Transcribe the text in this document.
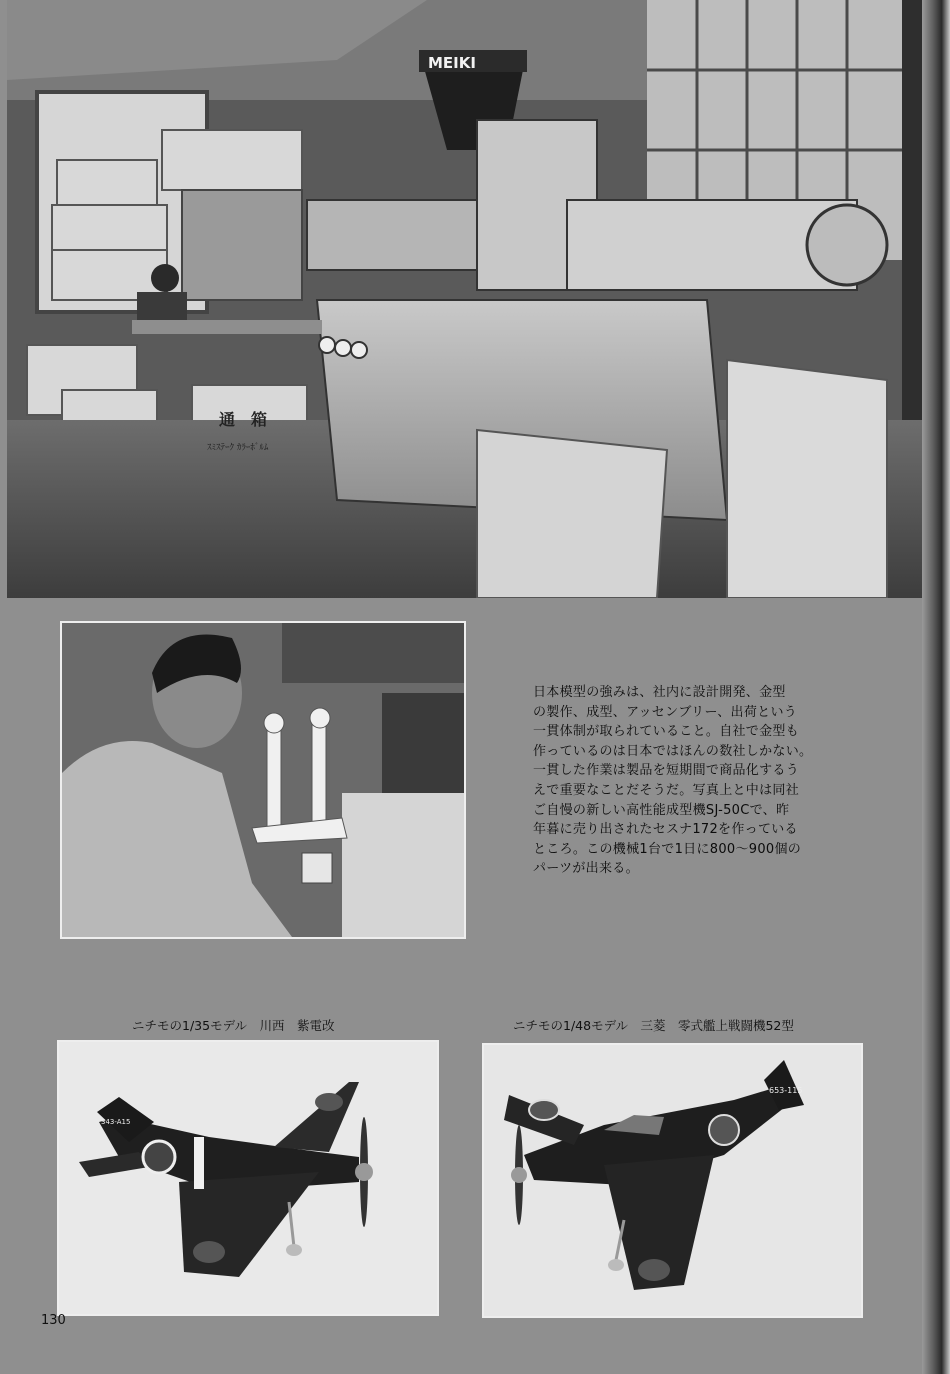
MEIKI
通　箱
ｽﾐｽﾃｰｸ ｶﾗｰﾎﾞﾙﾑ

日本模型の強みは、社内に設計開発、金型
の製作、成型、アッセンブリー、出荷という
一貫体制が取られていること。自社で金型も
作っているのは日本ではほんの数社しかない。
一貫した作業は製品を短期間で商品化するう
えで重要なことだそうだ。写真上と中は同社
ご自慢の新しい高性能成型機SJ-50Cで、昨
年暮に売り出されたセスナ172を作っている
ところ。この機械1台で1日に800～900個の
パーツが出来る。

ニチモの1/35モデル　川西　紫電改	ニチモの1/48モデル　三菱　零式艦上戦闘機52型
343-A15
653-115
130
